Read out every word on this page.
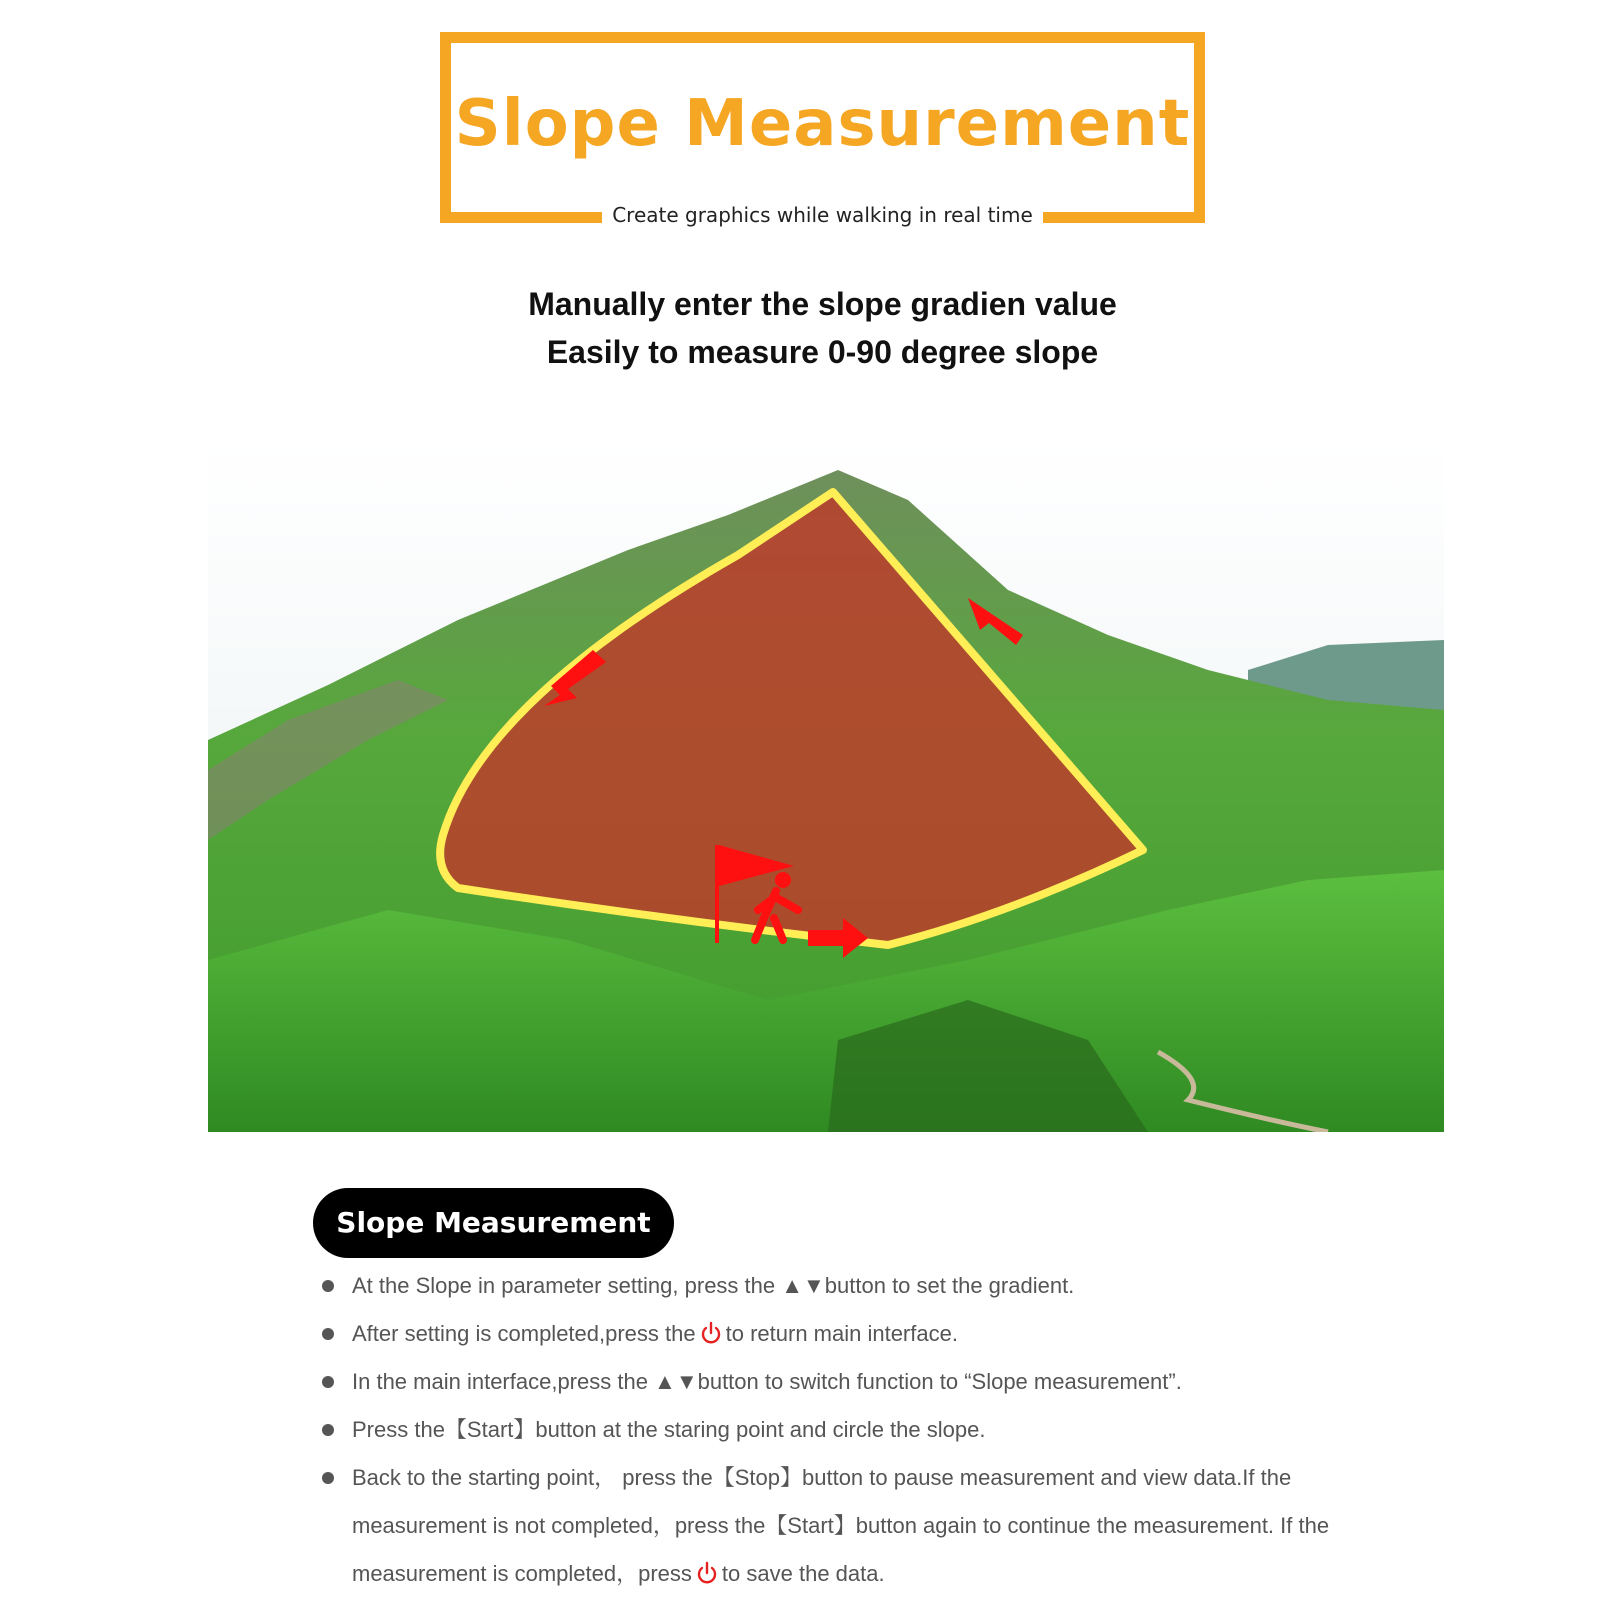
Slope Measurement
Create graphics while walking in real time
Manually enter the slope gradien value
Easily to measure 0-90 degree slope
Slope Measurement
At the Slope in parameter setting, press the ▲▼button to set the gradient.
After setting is completed,press the to return main interface.
In the main interface,press the ▲▼button to switch function to “Slope measurement”.
Press the【Start】button at the staring point and circle the slope.
Back to the starting point， press the【Stop】button to pause measurement and view data.If the measurement is not completed，press the【Start】button again to continue the measurement. If the measurement is completed，press to save the data.
